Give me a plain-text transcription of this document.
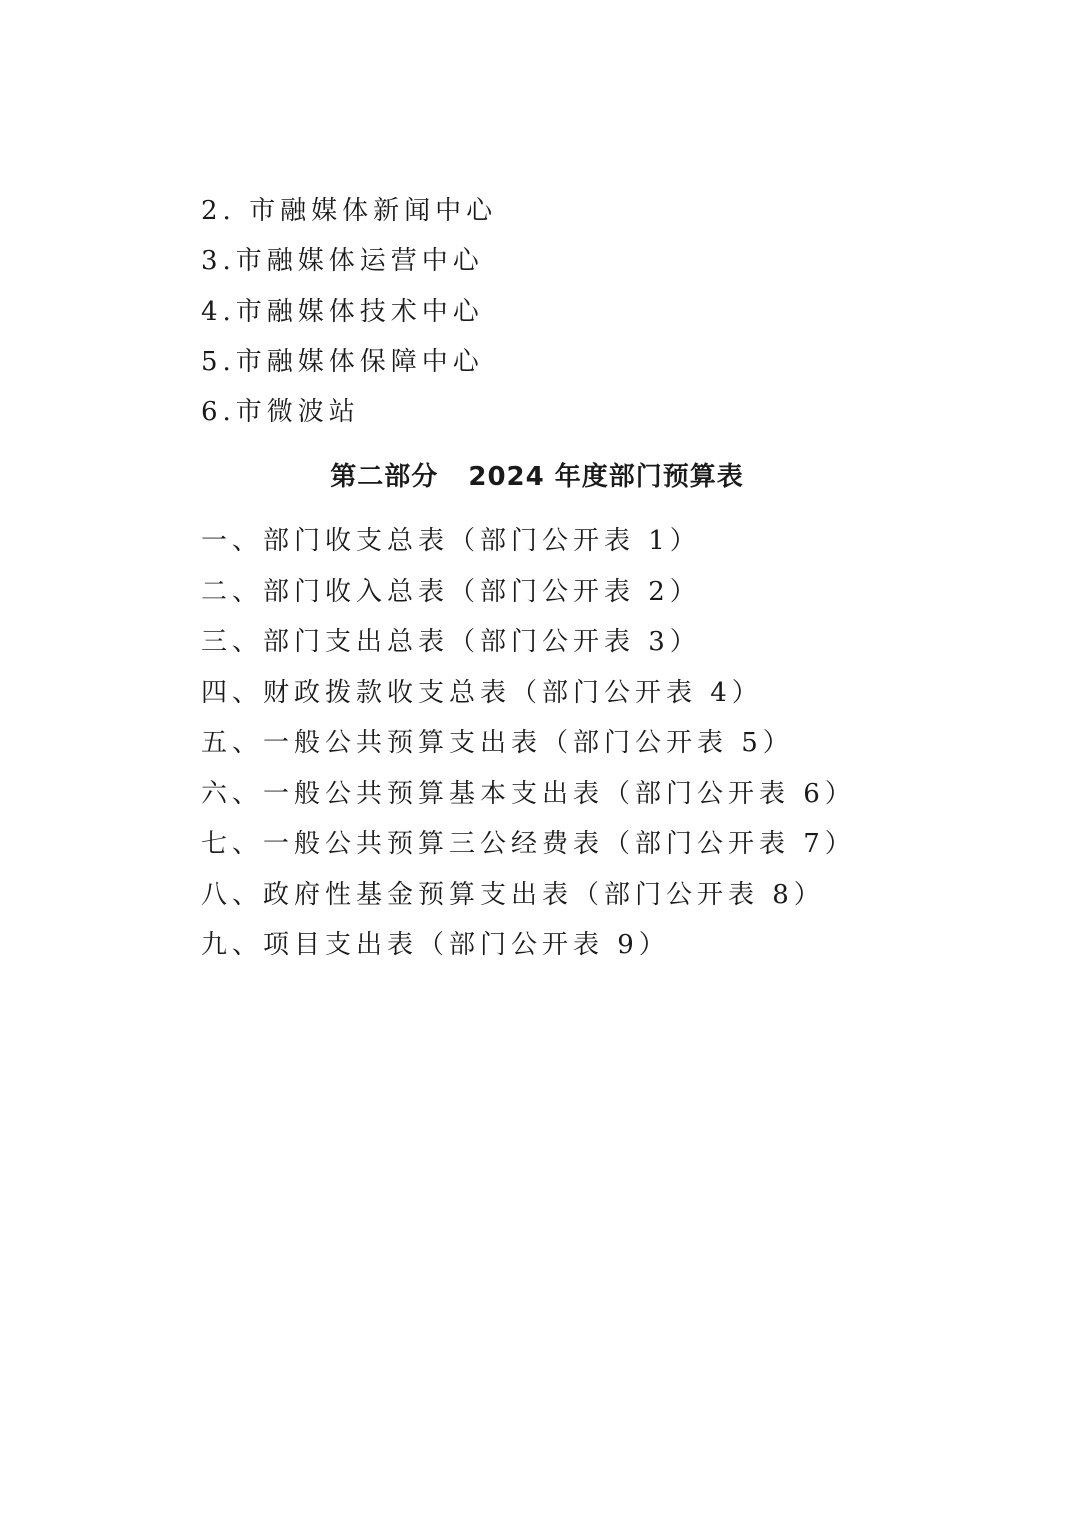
2. 市融媒体新闻中心
3.市融媒体运营中心
4.市融媒体技术中心
5.市融媒体保障中心
6.市微波站
第二部分   2024 年度部门预算表
一、部门收支总表（部门公开表 1）
二、部门收入总表（部门公开表 2）
三、部门支出总表（部门公开表 3）
四、财政拨款收支总表（部门公开表 4）
五、一般公共预算支出表（部门公开表 5）
六、一般公共预算基本支出表（部门公开表 6）
七、一般公共预算三公经费表（部门公开表 7）
八、政府性基金预算支出表（部门公开表 8）
九、项目支出表（部门公开表 9）
